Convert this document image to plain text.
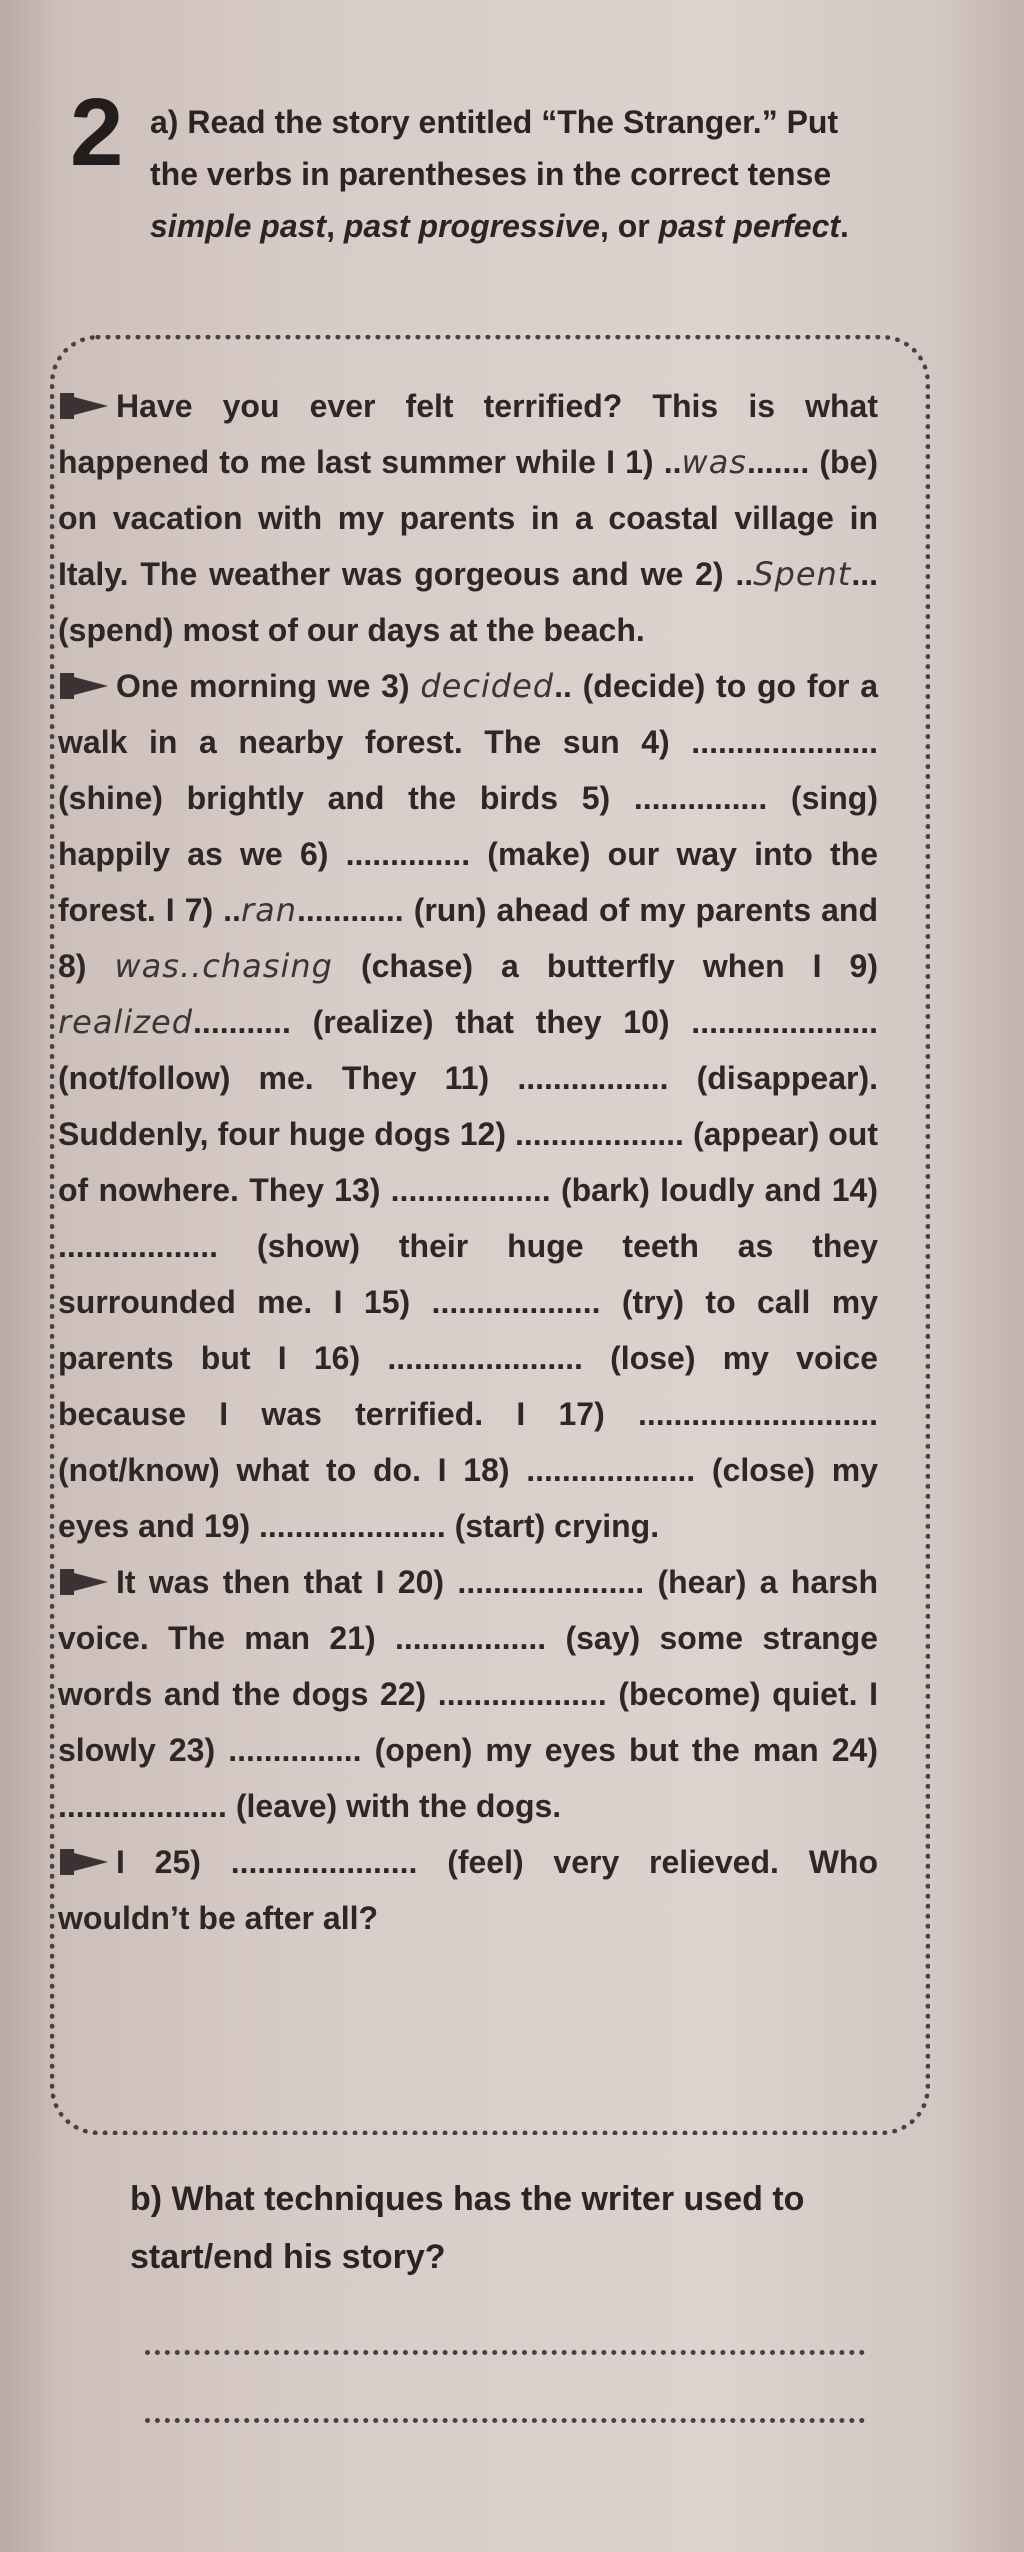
2 a) Read the story entitled “The Stranger.” Put the verbs in parentheses in the correct tense simple past, past progressive, or past perfect.

Have you ever felt terrified? This is what happened to me last summer while I 1) ..was....... (be) on vacation with my parents in a coastal village in Italy. The weather was gorgeous and we 2) ..Spent... (spend) most of our days at the beach.

One morning we 3) decided.. (decide) to go for a walk in a nearby forest. The sun 4) ..................... (shine) brightly and the birds 5) ............... (sing) happily as we 6) .............. (make) our way into the forest. I 7) ..ran............ (run) ahead of my parents and 8) was..chasing (chase) a butterfly when I 9) realized........... (realize) that they 10) ..................... (not/follow) me. They 11) ................. (disappear). Suddenly, four huge dogs 12) ................... (appear) out of nowhere. They 13) .................. (bark) loudly and 14) .................. (show) their huge teeth as they surrounded me. I 15) ................... (try) to call my parents but I 16) ...................... (lose) my voice because I was terrified. I 17) ........................... (not/know) what to do. I 18) ................... (close) my eyes and 19) ..................... (start) crying.

It was then that I 20) ..................... (hear) a harsh voice. The man 21) ................. (say) some strange words and the dogs 22) ................... (become) quiet. I slowly 23) ............... (open) my eyes but the man 24) ................... (leave) with the dogs.

I 25) ..................... (feel) very relieved. Who wouldn’t be after all?

b) What techniques has the writer used to start/end his story?
